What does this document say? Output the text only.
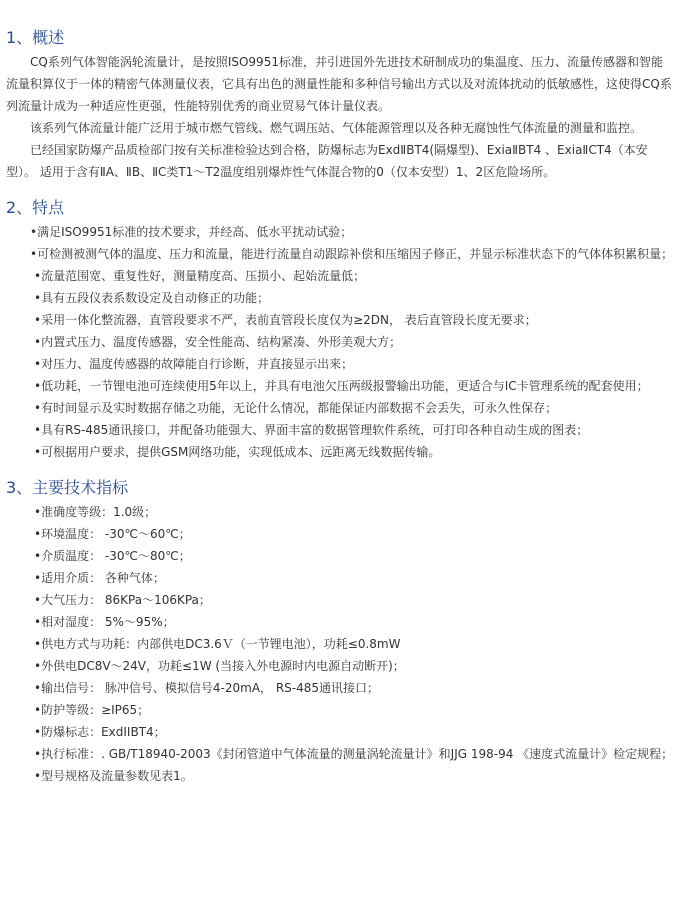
1、概述

CQ系列气体智能涡轮流量计，是按照ISO9951标准，并引进国外先进技术研制成功的集温度、压力、流量传感器和智能流量积算仪于一体的精密气体测量仪表，它具有出色的测量性能和多种信号输出方式以及对流体扰动的低敏感性，这使得CQ系列流量计成为一种适应性更强，性能特别优秀的商业贸易气体计量仪表。

该系列气体流量计能广泛用于城市燃气管线、燃气调压站、气体能源管理以及各种无腐蚀性气体流量的测量和监控。

已经国家防爆产品质检部门按有关标准检验达到合格，防爆标志为ExdⅡBT4(隔爆型)、ExiaⅡBT4 、ExiaⅡCT4（本安型）。 适用于含有ⅡA、ⅡB、ⅡC类T1～T2温度组别爆炸性气体混合物的0（仅本安型）1、2区危险场所。

2、特点

•满足ISO9951标准的技术要求，并经高、低水平扰动试验；

•可检测被测气体的温度、压力和流量，能进行流量自动跟踪补偿和压缩因子修正，并显示标准状态下的气体体积累积量；

•流量范围宽、重复性好，测量精度高、压损小、起始流量低；

•具有五段仪表系数设定及自动修正的功能；

•采用一体化整流器，直管段要求不严，表前直管段长度仅为≥2DN， 表后直管段长度无要求；

•内置式压力、温度传感器，安全性能高、结构紧凑、外形美观大方；

•对压力、温度传感器的故障能自行诊断，并直接显示出来；

•低功耗，一节锂电池可连续使用5年以上，并具有电池欠压两级报警输出功能，更适合与IC卡管理系统的配套使用；

•有时间显示及实时数据存储之功能，无论什么情况，都能保证内部数据不会丢失，可永久性保存；

•具有RS-485通讯接口，并配备功能强大、界面丰富的数据管理软件系统，可打印各种自动生成的图表；

•可根据用户要求，提供GSM网络功能，实现低成本、远距离无线数据传输。

3、主要技术指标

•准确度等级：1.0级；

•环境温度： -30℃～60℃；

•介质温度： -30℃～80℃；

•适用介质： 各种气体；

•大气压力： 86KPa～106KPa；

•相对湿度： 5%～95%；

•供电方式与功耗：内部供电DC3.6Ｖ（一节锂电池），功耗≤0.8mW

•外供电DC8V～24V，功耗≤1W (当接入外电源时内电源自动断开)；

•输出信号： 脉冲信号、模拟信号4-20mA， RS-485通讯接口；

•防护等级：≥IP65；

•防爆标志：ExdIIBT4；

•执行标准：. GB/T18940-2003《封闭管道中气体流量的测量涡轮流量计》和JJG 198-94 《速度式流量计》检定规程；

•型号规格及流量参数见表1。
